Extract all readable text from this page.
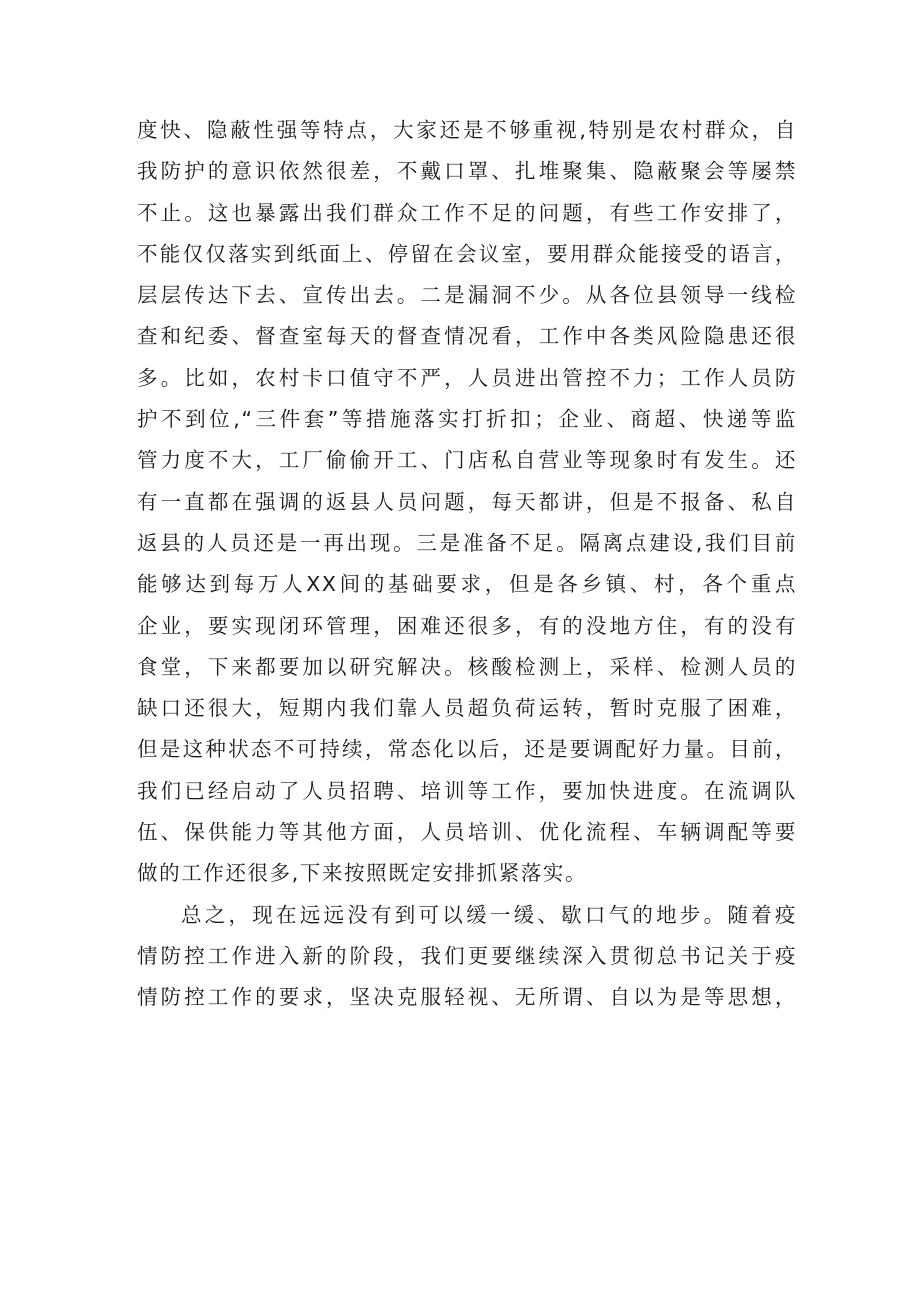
度快、隐蔽性强等特点，大家还是不够重视,特别是农村群众，自
我防护的意识依然很差，不戴口罩、扎堆聚集、隐蔽聚会等屡禁
不止。这也暴露出我们群众工作不足的问题，有些工作安排了，
不能仅仅落实到纸面上、停留在会议室，要用群众能接受的语言，
层层传达下去、宣传出去。二是漏洞不少。从各位县领导一线检
查和纪委、督查室每天的督查情况看，工作中各类风险隐患还很
多。比如，农村卡口值守不严，人员进出管控不力；工作人员防
护不到位,“三件套”等措施落实打折扣；企业、商超、快递等监
管力度不大，工厂偷偷开工、门店私自营业等现象时有发生。还
有一直都在强调的返县人员问题，每天都讲，但是不报备、私自
返县的人员还是一再出现。三是准备不足。隔离点建设,我们目前
能够达到每万人XX间的基础要求，但是各乡镇、村，各个重点
企业，要实现闭环管理，困难还很多，有的没地方住，有的没有
食堂，下来都要加以研究解决。核酸检测上，采样、检测人员的
缺口还很大，短期内我们靠人员超负荷运转，暂时克服了困难，
但是这种状态不可持续，常态化以后，还是要调配好力量。目前，
我们已经启动了人员招聘、培训等工作，要加快进度。在流调队
伍、保供能力等其他方面，人员培训、优化流程、车辆调配等要
做的工作还很多,下来按照既定安排抓紧落实。
总之，现在远远没有到可以缓一缓、歇口气的地步。随着疫
情防控工作进入新的阶段，我们更要继续深入贯彻总书记关于疫
情防控工作的要求，坚决克服轻视、无所谓、自以为是等思想，
